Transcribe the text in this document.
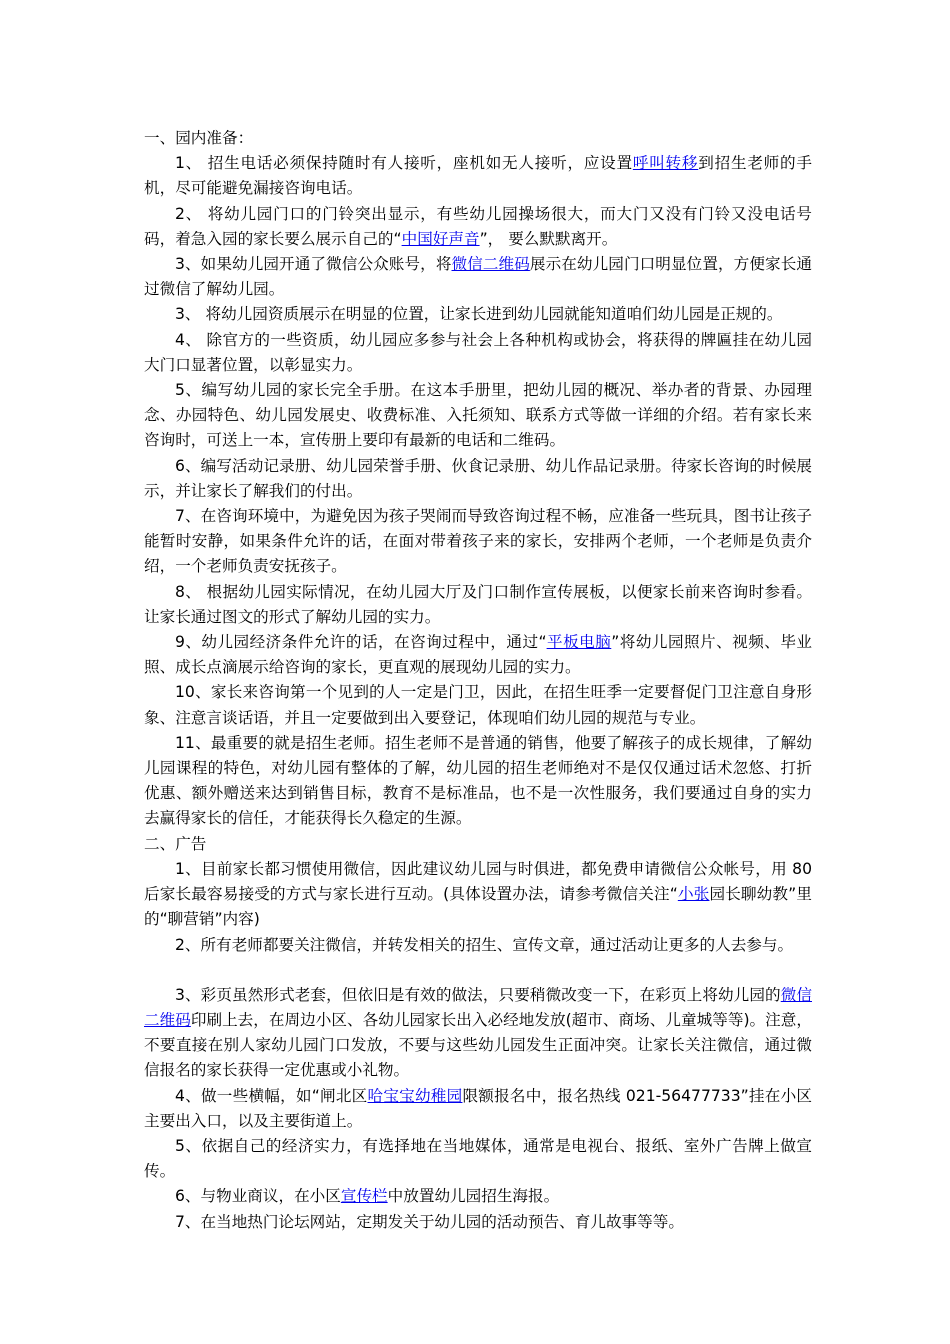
一、园内准备：

1、 招生电话必须保持随时有人接听，座机如无人接听，应设置呼叫转移到招生老师的手机，尽可能避免漏接咨询电话。

2、 将幼儿园门口的门铃突出显示，有些幼儿园操场很大，而大门又没有门铃又没电话号码，着急入园的家长要么展示自己的“中国好声音”， 要么默默离开。

3、如果幼儿园开通了微信公众账号，将微信二维码展示在幼儿园门口明显位置，方便家长通过微信了解幼儿园。

3、 将幼儿园资质展示在明显的位置，让家长进到幼儿园就能知道咱们幼儿园是正规的。

4、 除官方的一些资质，幼儿园应多参与社会上各种机构或协会，将获得的牌匾挂在幼儿园大门口显著位置，以彰显实力。

5、编写幼儿园的家长完全手册。在这本手册里，把幼儿园的概况、举办者的背景、办园理念、办园特色、幼儿园发展史、收费标准、入托须知、联系方式等做一详细的介绍。若有家长来咨询时，可送上一本，宣传册上要印有最新的电话和二维码。

6、编写活动记录册、幼儿园荣誉手册、伙食记录册、幼儿作品记录册。待家长咨询的时候展示，并让家长了解我们的付出。

7、在咨询环境中，为避免因为孩子哭闹而导致咨询过程不畅，应准备一些玩具，图书让孩子能暂时安静，如果条件允许的话，在面对带着孩子来的家长，安排两个老师，一个老师是负责介绍，一个老师负责安抚孩子。

8、 根据幼儿园实际情况，在幼儿园大厅及门口制作宣传展板，以便家长前来咨询时参看。让家长通过图文的形式了解幼儿园的实力。

9、幼儿园经济条件允许的话，在咨询过程中，通过“平板电脑”将幼儿园照片、视频、毕业照、成长点滴展示给咨询的家长，更直观的展现幼儿园的实力。

10、家长来咨询第一个见到的人一定是门卫，因此，在招生旺季一定要督促门卫注意自身形象、注意言谈话语，并且一定要做到出入要登记，体现咱们幼儿园的规范与专业。

11、最重要的就是招生老师。招生老师不是普通的销售，他要了解孩子的成长规律，了解幼儿园课程的特色，对幼儿园有整体的了解，幼儿园的招生老师绝对不是仅仅通过话术忽悠、打折优惠、额外赠送来达到销售目标，教育不是标准品，也不是一次性服务，我们要通过自身的实力去赢得家长的信任，才能获得长久稳定的生源。

二、广告

1、目前家长都习惯使用微信，因此建议幼儿园与时俱进，都免费申请微信公众帐号，用 80 后家长最容易接受的方式与家长进行互动。(具体设置办法，请参考微信关注“小张园长聊幼教”里的“聊营销”内容)

2、所有老师都要关注微信，并转发相关的招生、宣传文章，通过活动让更多的人去参与。

3、彩页虽然形式老套，但依旧是有效的做法，只要稍微改变一下，在彩页上将幼儿园的微信二维码印刷上去，在周边小区、各幼儿园家长出入必经地发放(超市、商场、儿童城等等)。注意，不要直接在别人家幼儿园门口发放，不要与这些幼儿园发生正面冲突。让家长关注微信，通过微信报名的家长获得一定优惠或小礼物。

4、做一些横幅，如“闸北区哈宝宝幼稚园限额报名中，报名热线 021-56477733”挂在小区主要出入口，以及主要街道上。

5、依据自己的经济实力，有选择地在当地媒体，通常是电视台、报纸、室外广告牌上做宣传。

6、与物业商议，在小区宣传栏中放置幼儿园招生海报。

7、在当地热门论坛网站，定期发关于幼儿园的活动预告、育儿故事等等。
